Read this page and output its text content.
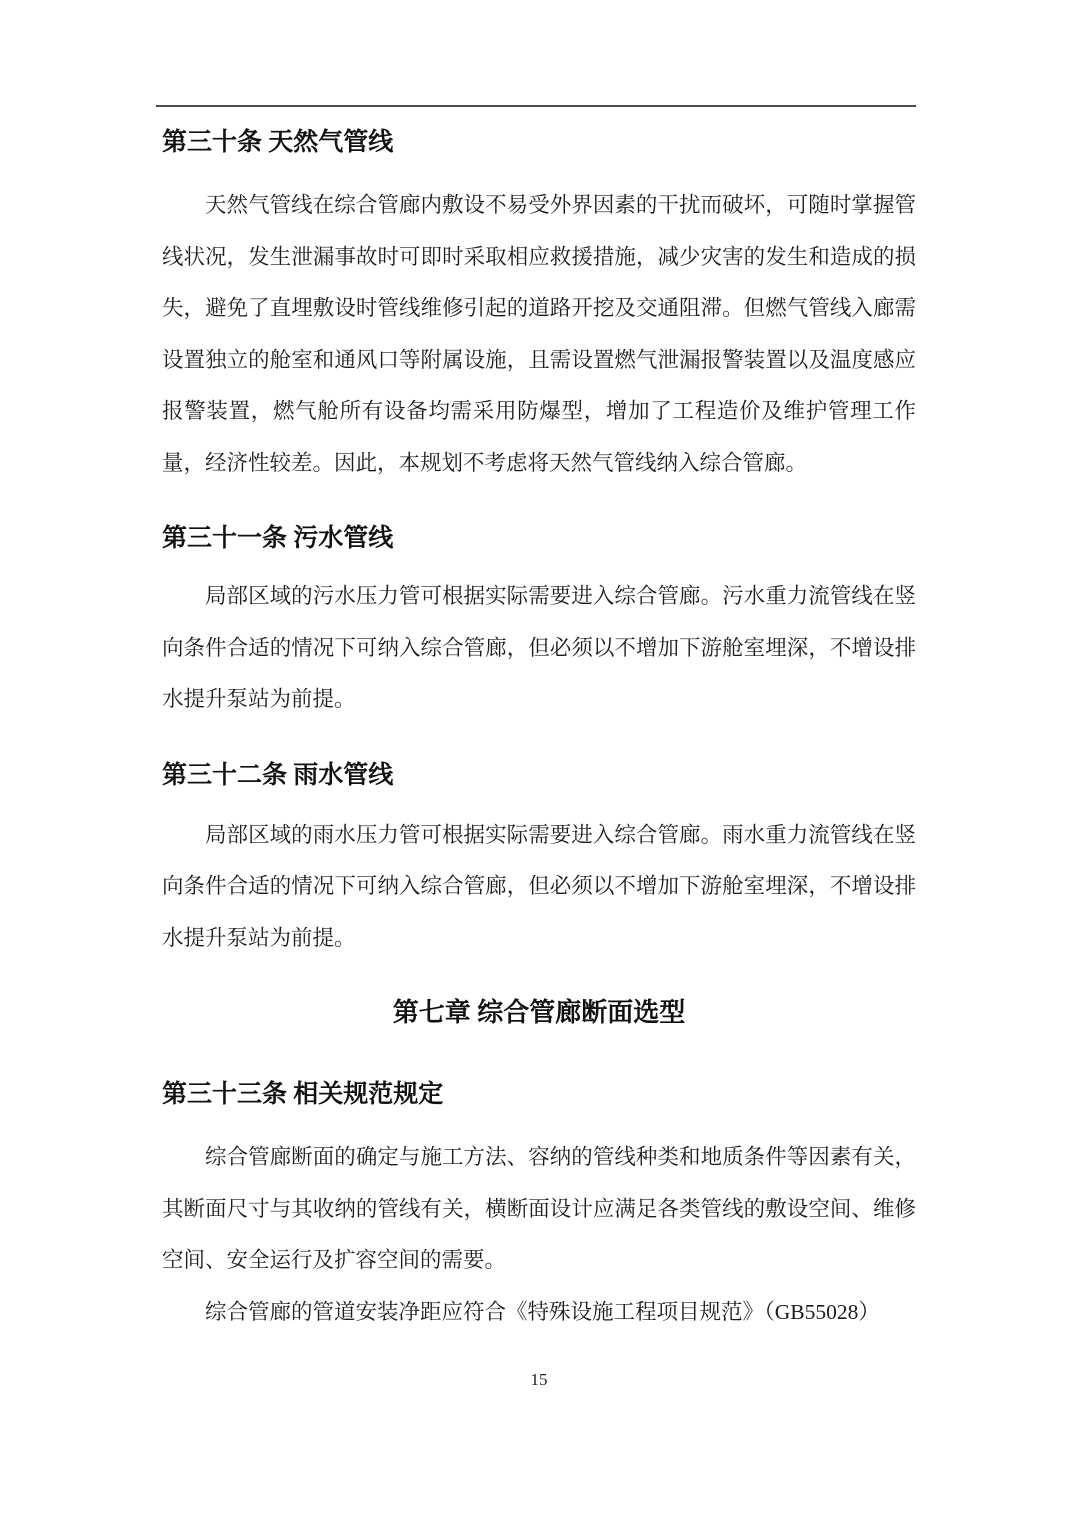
第三十条 天然气管线

天然气管线在综合管廊内敷设不易受外界因素的干扰而破坏，可随时掌握管线状况，发生泄漏事故时可即时采取相应救援措施，减少灾害的发生和造成的损失，避免了直埋敷设时管线维修引起的道路开挖及交通阻滞。但燃气管线入廊需设置独立的舱室和通风口等附属设施，且需设置燃气泄漏报警装置以及温度感应报警装置，燃气舱所有设备均需采用防爆型，增加了工程造价及维护管理工作量，经济性较差。因此，本规划不考虑将天然气管线纳入综合管廊。

第三十一条 污水管线

局部区域的污水压力管可根据实际需要进入综合管廊。污水重力流管线在竖向条件合适的情况下可纳入综合管廊，但必须以不增加下游舱室埋深，不增设排水提升泵站为前提。

第三十二条 雨水管线

局部区域的雨水压力管可根据实际需要进入综合管廊。雨水重力流管线在竖向条件合适的情况下可纳入综合管廊，但必须以不增加下游舱室埋深，不增设排水提升泵站为前提。

第七章 综合管廊断面选型
第三十三条 相关规范规定

综合管廊断面的确定与施工方法、容纳的管线种类和地质条件等因素有关，其断面尺寸与其收纳的管线有关，横断面设计应满足各类管线的敷设空间、维修空间、安全运行及扩容空间的需要。

综合管廊的管道安装净距应符合《特殊设施工程项目规范》（GB55028）

15
